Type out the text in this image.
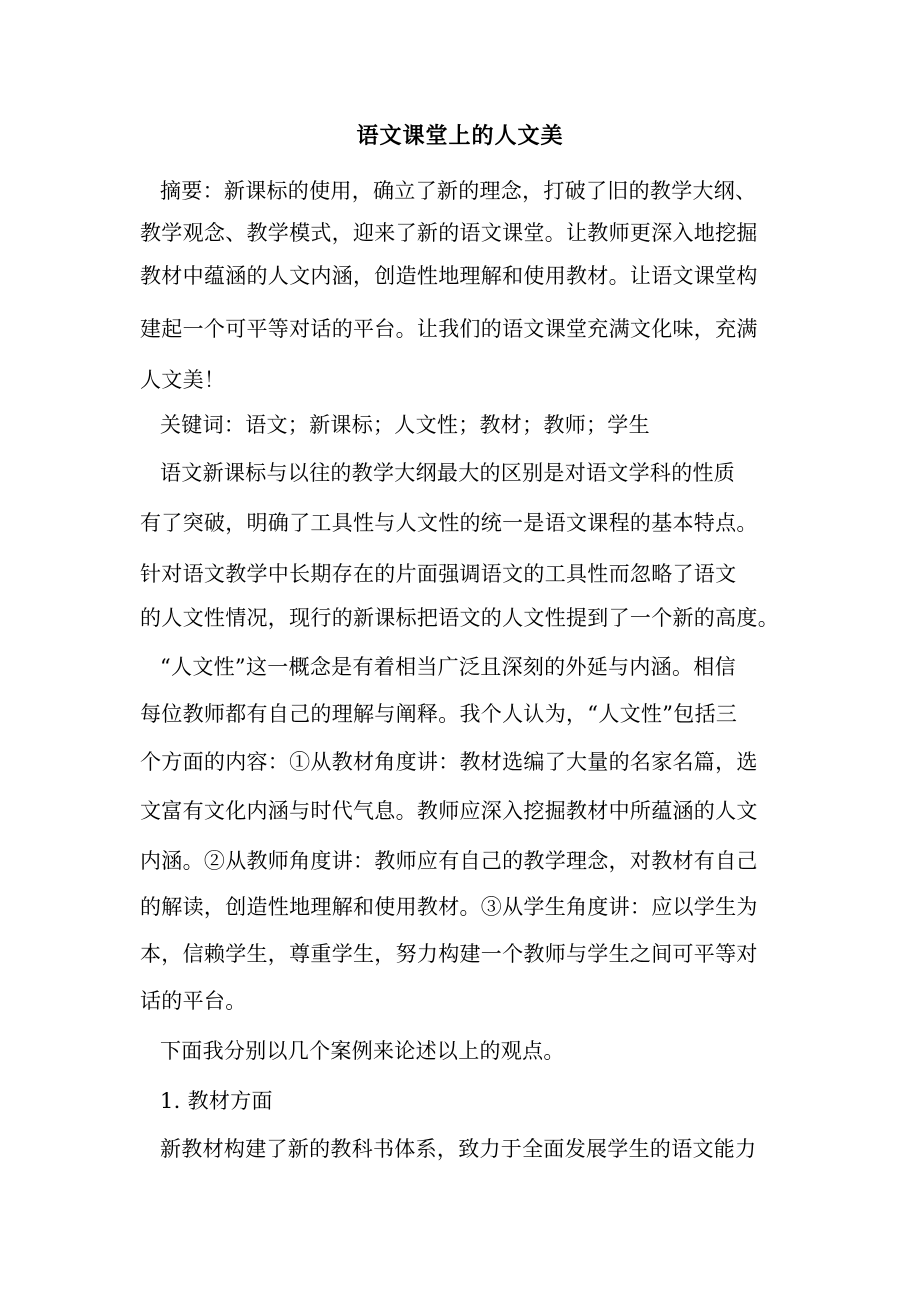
语文课堂上的人文美
摘要：新课标的使用，确立了新的理念，打破了旧的教学大纲、
教学观念、教学模式，迎来了新的语文课堂。让教师更深入地挖掘
教材中蕴涵的人文内涵，创造性地理解和使用教材。让语文课堂构
建起一个可平等对话的平台。让我们的语文课堂充满文化味，充满
人文美！
关键词：语文；新课标；人文性；教材；教师；学生
语文新课标与以往的教学大纲最大的区别是对语文学科的性质
有了突破，明确了工具性与人文性的统一是语文课程的基本特点。
针对语文教学中长期存在的片面强调语文的工具性而忽略了语文
的人文性情况，现行的新课标把语文的人文性提到了一个新的高度。
“人文性”这一概念是有着相当广泛且深刻的外延与内涵。相信
每位教师都有自己的理解与阐释。我个人认为，“人文性”包括三
个方面的内容：①从教材角度讲：教材选编了大量的名家名篇，选
文富有文化内涵与时代气息。教师应深入挖掘教材中所蕴涵的人文
内涵。②从教师角度讲：教师应有自己的教学理念，对教材有自己
的解读，创造性地理解和使用教材。③从学生角度讲：应以学生为
本，信赖学生，尊重学生，努力构建一个教师与学生之间可平等对
话的平台。
下面我分别以几个案例来论述以上的观点。
1. 教材方面
新教材构建了新的教科书体系，致力于全面发展学生的语文能力
